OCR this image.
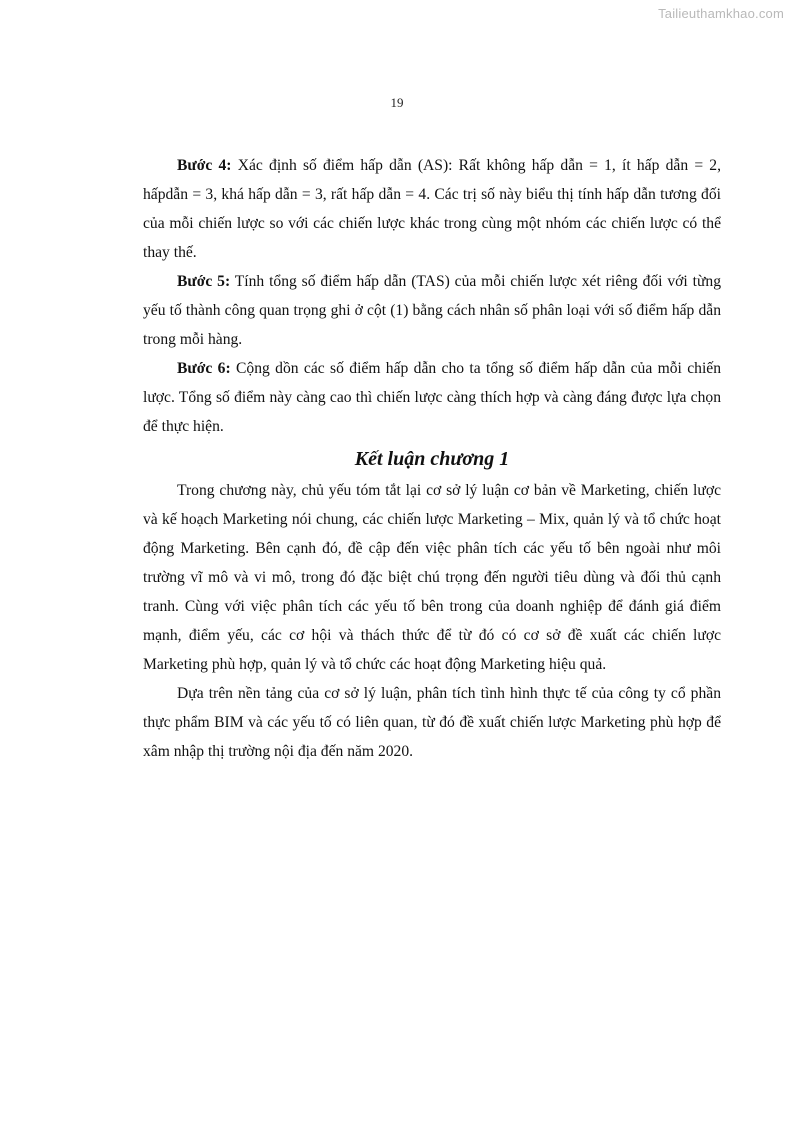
Tailieuthamkhao.com
19

Bước 4: Xác định số điểm hấp dẫn (AS): Rất không hấp dẫn = 1, ít hấp dẫn = 2, hấpdẫn = 3, khá hấp dẫn = 3, rất hấp dẫn = 4. Các trị số này biểu thị tính hấp dẫn tương đối của mỗi chiến lược so với các chiến lược khác trong cùng một nhóm các chiến lược có thể thay thế.

Bước 5: Tính tổng số điểm hấp dẫn (TAS) của mỗi chiến lược xét riêng đối với từng yếu tố thành công quan trọng ghi ở cột (1) bằng cách nhân số phân loại với số điểm hấp dẫn trong mỗi hàng.

Bước 6: Cộng dồn các số điểm hấp dẫn cho ta tổng số điểm hấp dẫn của mỗi chiến lược. Tổng số điểm này càng cao thì chiến lược càng thích hợp và càng đáng được lựa chọn để thực hiện.

Kết luận chương 1

Trong chương này, chủ yếu tóm tắt lại cơ sở lý luận cơ bản về Marketing, chiến lược và kế hoạch Marketing nói chung, các chiến lược Marketing – Mix, quản lý và tổ chức hoạt động Marketing. Bên cạnh đó, đề cập đến việc phân tích các yếu tố bên ngoài như môi trường vĩ mô và vi mô, trong đó đặc biệt chú trọng đến người tiêu dùng và đối thủ cạnh tranh. Cùng với việc phân tích các yếu tố bên trong của doanh nghiệp để đánh giá điểm mạnh, điểm yếu, các cơ hội và thách thức để từ đó có cơ sở đề xuất các chiến lược Marketing phù hợp, quản lý và tổ chức các hoạt động Marketing hiệu quả.

Dựa trên nền tảng của cơ sở lý luận, phân tích tình hình thực tế của công ty cổ phần thực phẩm BIM và các yếu tố có liên quan, từ đó đề xuất chiến lược Marketing phù hợp để xâm nhập thị trường nội địa đến năm 2020.
